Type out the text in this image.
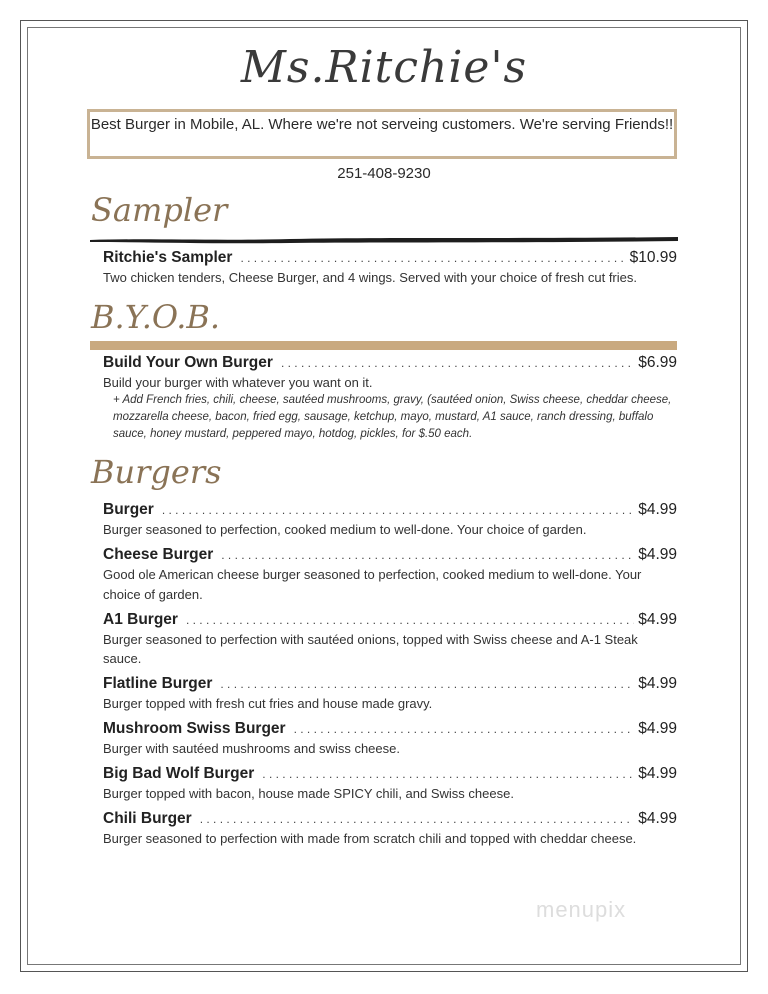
Ms.Ritchie's
Best Burger in Mobile, AL. Where we're not serveing customers. We're serving Friends!!
251-408-9230
Sampler
Ritchie's Sampler . . .	$10.99
Two chicken tenders, Cheese Burger, and 4 wings. Served with your choice of fresh cut fries.
B.Y.O.B.
Build Your Own Burger . . .	$6.99
Build your burger with whatever you want on it.
+ Add French fries, chili, cheese, sautéed mushrooms, gravy, (sautéed onion, Swiss cheese, cheddar cheese, mozzarella cheese, bacon, fried egg, sausage, ketchup, mayo, mustard, A1 sauce, ranch dressing, buffalo sauce, honey mustard, peppered mayo, hotdog, pickles, for $.50 each.
Burgers
Burger . . .	$4.99
Burger seasoned to perfection, cooked medium to well-done. Your choice of garden.
Cheese Burger . . .	$4.99
Good ole American cheese burger seasoned to perfection, cooked medium to well-done. Your choice of garden.
A1 Burger . . .	$4.99
Burger seasoned to perfection with sautéed onions, topped with Swiss cheese and A-1 Steak sauce.
Flatline Burger . . .	$4.99
Burger topped with fresh cut fries and house made gravy.
Mushroom Swiss Burger . . .	$4.99
Burger with sautéed mushrooms and swiss cheese.
Big Bad Wolf Burger . . .	$4.99
Burger topped with bacon, house made SPICY chili, and Swiss cheese.
Chili Burger . . .	$4.99
Burger seasoned to perfection with made from scratch chili and topped with cheddar cheese.
menupix
